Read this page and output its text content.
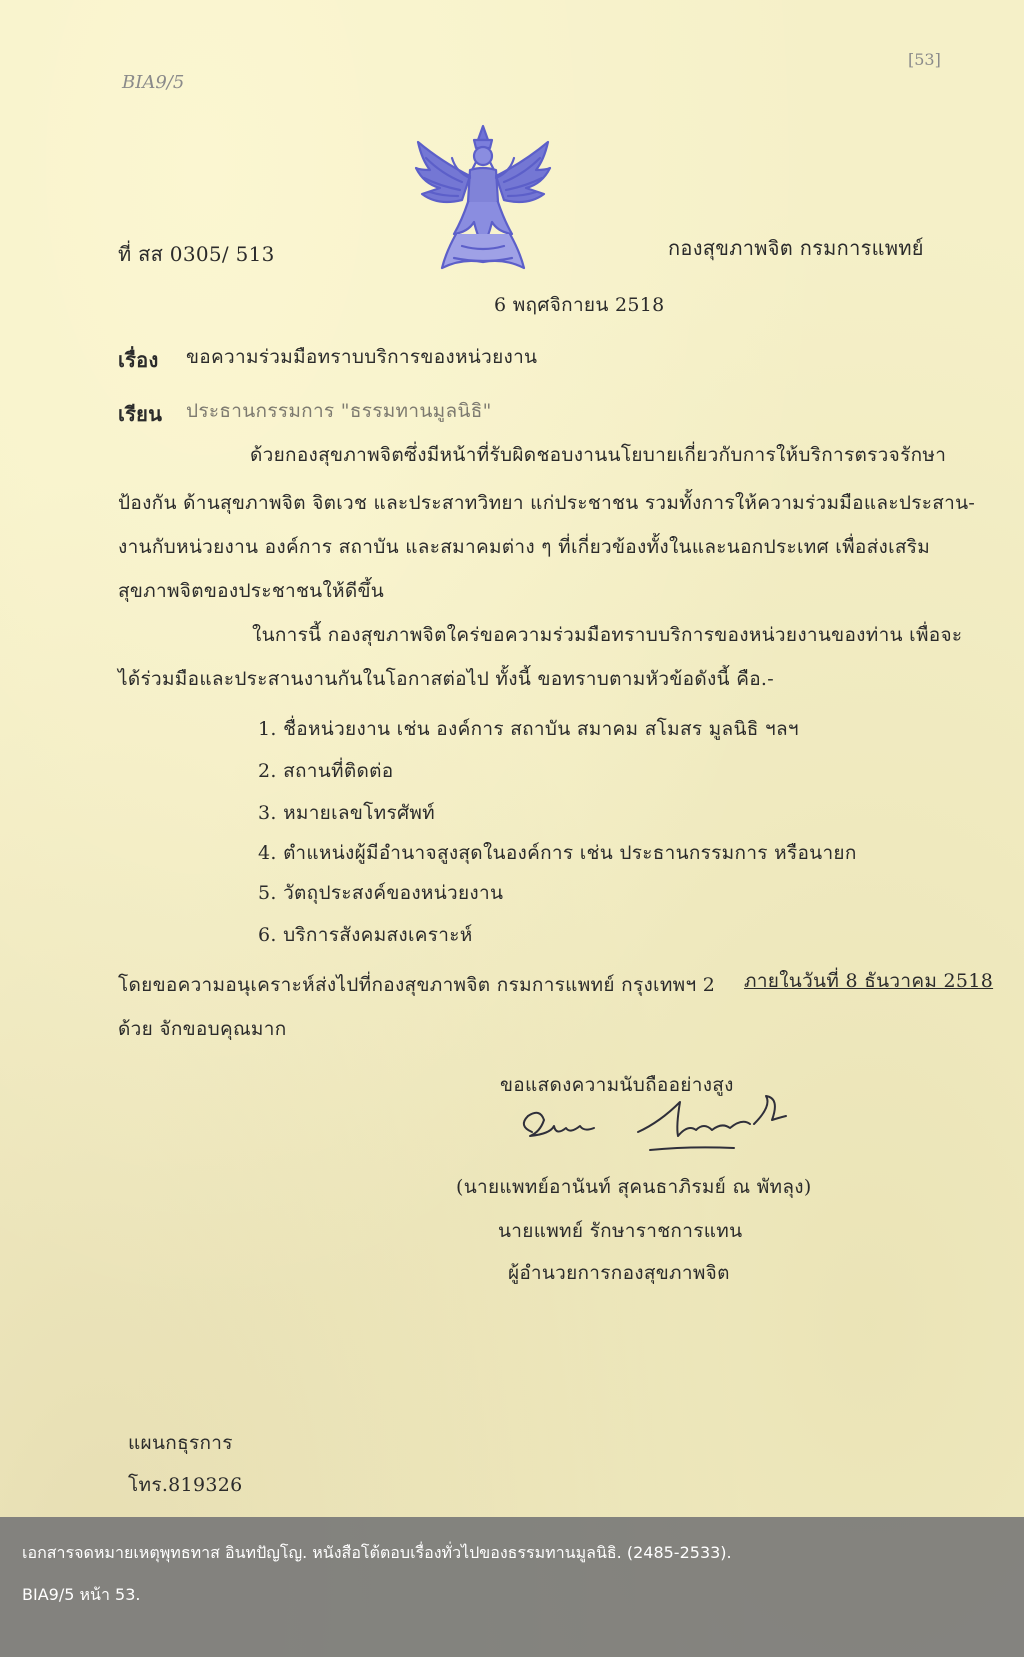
BIA9/5
[53]
ที่ สส 0305/ 513	กองสุขภาพจิต กรมการแพทย์
6 พฤศจิกายน 2518
เรื่อง ขอความร่วมมือทราบบริการของหน่วยงาน
เรียน ประธานกรรมการ "ธรรมทานมูลนิธิ"
ด้วยกองสุขภาพจิตซึ่งมีหน้าที่รับผิดชอบงานนโยบายเกี่ยวกับการให้บริการตรวจรักษา
ป้องกัน ด้านสุขภาพจิต จิตเวช และประสาทวิทยา แก่ประชาชน รวมทั้งการให้ความร่วมมือและประสาน-
งานกับหน่วยงาน องค์การ สถาบัน และสมาคมต่าง ๆ ที่เกี่ยวข้องทั้งในและนอกประเทศ เพื่อส่งเสริม
สุขภาพจิตของประชาชนให้ดีขึ้น
ในการนี้ กองสุขภาพจิตใคร่ขอความร่วมมือทราบบริการของหน่วยงานของท่าน เพื่อจะ
ได้ร่วมมือและประสานงานกันในโอกาสต่อไป ทั้งนี้ ขอทราบตามหัวข้อดังนี้ คือ.-
1. ชื่อหน่วยงาน เช่น องค์การ สถาบัน สมาคม สโมสร มูลนิธิ ฯลฯ
2. สถานที่ติดต่อ
3. หมายเลขโทรศัพท์
4. ตำแหน่งผู้มีอำนาจสูงสุดในองค์การ เช่น ประธานกรรมการ หรือนายก
5. วัตถุประสงค์ของหน่วยงาน
6. บริการสังคมสงเคราะห์
โดยขอความอนุเคราะห์ส่งไปที่กองสุขภาพจิต กรมการแพทย์ กรุงเทพฯ 2 ภายในวันที่ 8 ธันวาคม 2518
ด้วย จักขอบคุณมาก
ขอแสดงความนับถืออย่างสูง
(นายแพทย์อานันท์ สุคนธาภิรมย์ ณ พัทลุง)
นายแพทย์ รักษาราชการแทน
ผู้อำนวยการกองสุขภาพจิต
แผนกธุรการ
โทร.819326
เอกสารจดหมายเหตุพุทธทาส อินทปัญโญ. หนังสือโต้ตอบเรื่องทั่วไปของธรรมทานมูลนิธิ. (2485-2533).
BIA9/5 หน้า 53.
